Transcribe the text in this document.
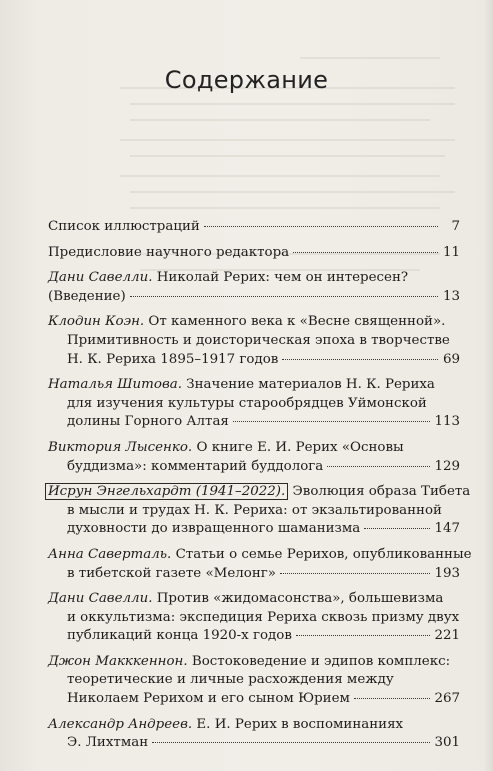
Содержание
Список иллюстраций	7
Предисловие научного редактора	11
Дани Савелли. Николай Рерих: чем он интересен?
(Введение)	13
Клодин Коэн. От каменного века к «Весне священной».
Примитивность и доисторическая эпоха в творчестве
Н. К. Рериха 1895–1917 годов	69
Наталья Шитова. Значение материалов Н. К. Рериха
для изучения культуры старообрядцев Уймонской
долины Горного Алтая	113
Виктория Лысенко. О книге Е. И. Рерих «Основы
буддизма»: комментарий буддолога	129
Исрун Энгельхардт (1941–2022). Эволюция образа Тибета
в мысли и трудах Н. К. Рериха: от экзальтированной
духовности до извращенного шаманизма	147
Анна Саверталь. Статьи о семье Рерихов, опубликованные
в тибетской газете «Мелонг»	193
Дани Савелли. Против «жидомасонства», большевизма
и оккультизма: экспедиция Рериха сквозь призму двух
публикаций конца 1920-х годов	221
Джон Макккеннон. Востоковедение и эдипов комплекс:
теоретические и личные расхождения между
Николаем Рерихом и его сыном Юрием	267
Александр Андреев. Е. И. Рерих в воспоминаниях
Э. Лихтман	301
